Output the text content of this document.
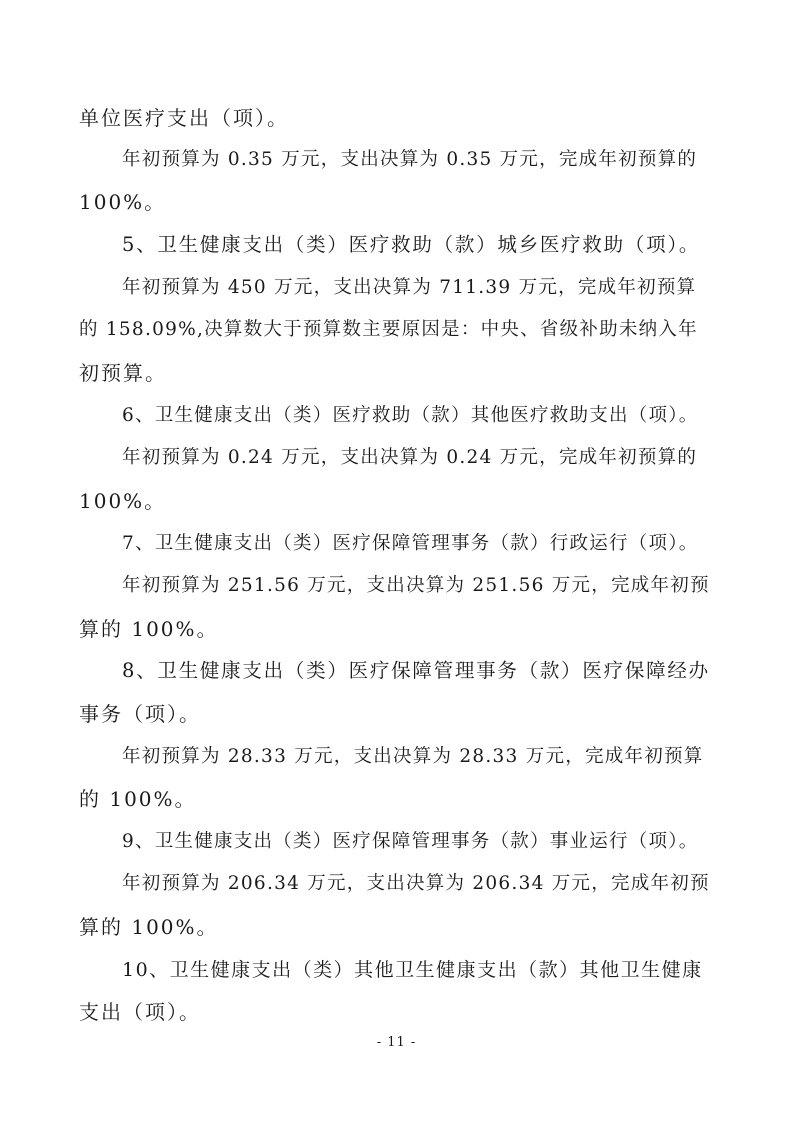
单位医疗支出（项）。
年初预算为 0.35 万元，支出决算为 0.35 万元，完成年初预算的
100%。
5、卫生健康支出（类）医疗救助（款）城乡医疗救助（项）。
年初预算为 450 万元，支出决算为 711.39 万元，完成年初预算
的 158.09%,决算数大于预算数主要原因是：中央、省级补助未纳入年
初预算。
6、卫生健康支出（类）医疗救助（款）其他医疗救助支出（项）。
年初预算为 0.24 万元，支出决算为 0.24 万元，完成年初预算的
100%。
7、卫生健康支出（类）医疗保障管理事务（款）行政运行（项）。
年初预算为 251.56 万元，支出决算为 251.56 万元，完成年初预
算的 100%。
8、卫生健康支出（类）医疗保障管理事务（款）医疗保障经办
事务（项）。
年初预算为 28.33 万元，支出决算为 28.33 万元，完成年初预算
的 100%。
9、卫生健康支出（类）医疗保障管理事务（款）事业运行（项）。
年初预算为 206.34 万元，支出决算为 206.34 万元，完成年初预
算的 100%。
10、卫生健康支出（类）其他卫生健康支出（款）其他卫生健康
支出（项）。
- 11 -
